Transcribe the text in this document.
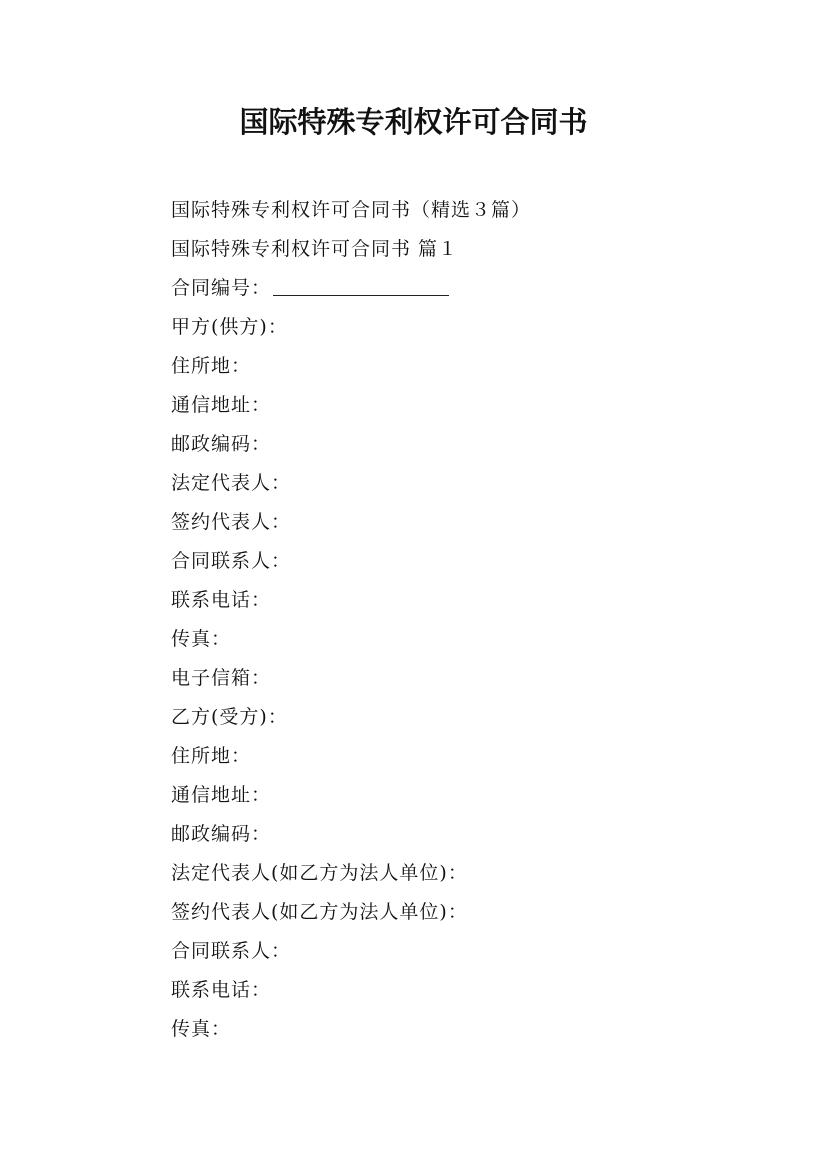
国际特殊专利权许可合同书
国际特殊专利权许可合同书（精选３篇）
国际特殊专利权许可合同书 篇１
合同编号：
甲方(供方)：
住所地：
通信地址：
邮政编码：
法定代表人：
签约代表人：
合同联系人：
联系电话：
传真：
电子信箱：
乙方(受方)：
住所地：
通信地址：
邮政编码：
法定代表人(如乙方为法人单位)：
签约代表人(如乙方为法人单位)：
合同联系人：
联系电话：
传真：
